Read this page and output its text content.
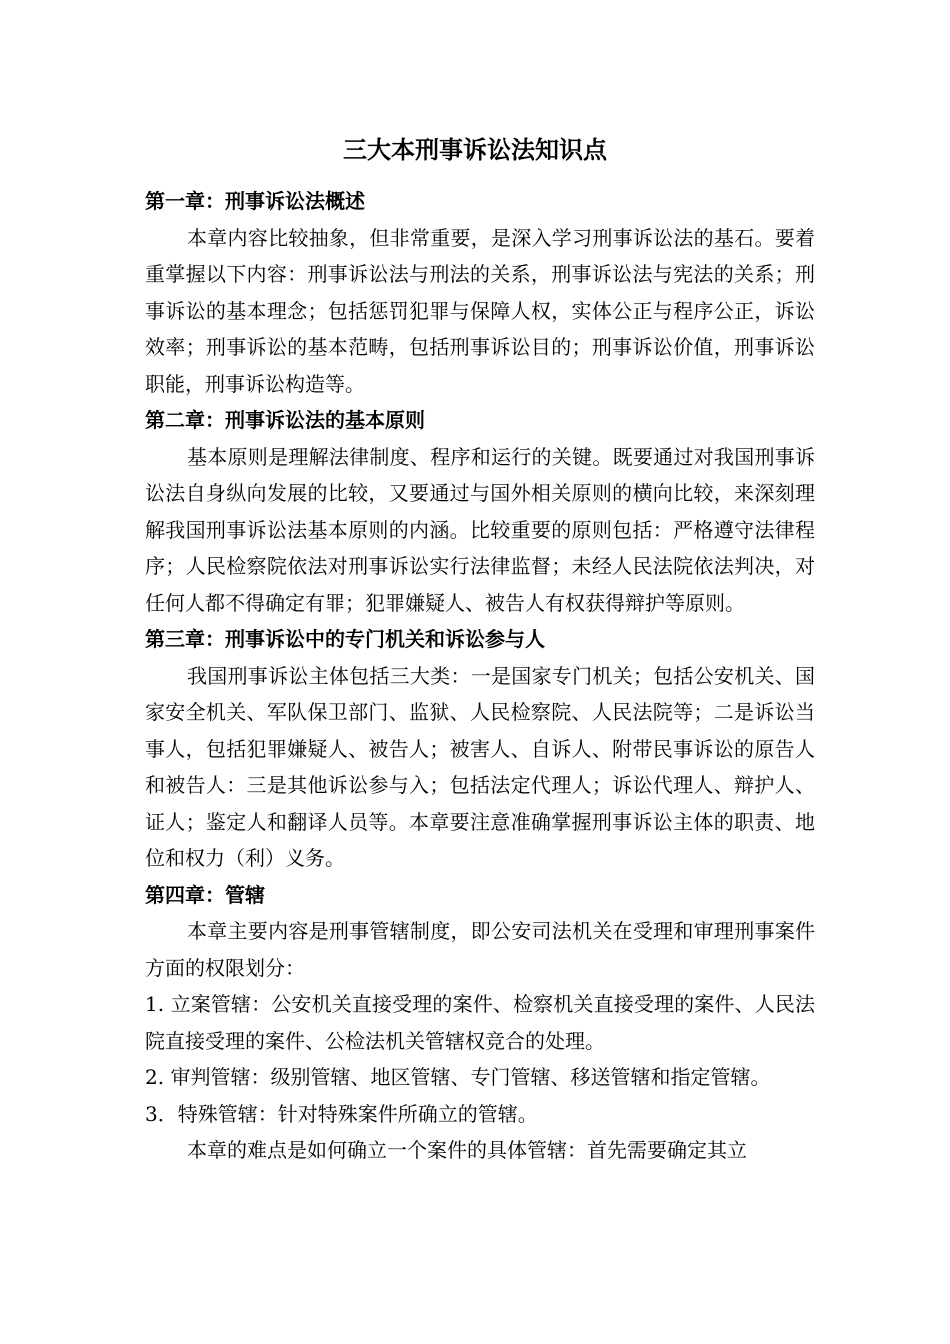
三大本刑事诉讼法知识点

第一章：刑事诉讼法概述

本章内容比较抽象，但非常重要，是深入学习刑事诉讼法的基石。要着重掌握以下内容：刑事诉讼法与刑法的关系，刑事诉讼法与宪法的关系；刑事诉讼的基本理念；包括惩罚犯罪与保障人权，实体公正与程序公正，诉讼效率；刑事诉讼的基本范畴，包括刑事诉讼目的；刑事诉讼价值，刑事诉讼职能，刑事诉讼构造等。

第二章：刑事诉讼法的基本原则

基本原则是理解法律制度、程序和运行的关键。既要通过对我国刑事诉讼法自身纵向发展的比较，又要通过与国外相关原则的横向比较，来深刻理解我国刑事诉讼法基本原则的内涵。比较重要的原则包括：严格遵守法律程序；人民检察院依法对刑事诉讼实行法律监督；未经人民法院依法判决，对任何人都不得确定有罪；犯罪嫌疑人、被告人有权获得辩护等原则。

第三章：刑事诉讼中的专门机关和诉讼参与人

我国刑事诉讼主体包括三大类：一是国家专门机关；包括公安机关、国家安全机关、军队保卫部门、监狱、人民检察院、人民法院等；二是诉讼当事人，包括犯罪嫌疑人、被告人；被害人、自诉人、附带民事诉讼的原告人和被告人：三是其他诉讼参与入；包括法定代理人；诉讼代理人、辩护人、证人；鉴定人和翻译人员等。本章要注意准确掌握刑事诉讼主体的职责、地位和权力（利）义务。

第四章：管辖

本章主要内容是刑事管辖制度，即公安司法机关在受理和审理刑事案件方面的权限划分：

1. 立案管辖：公安机关直接受理的案件、检察机关直接受理的案件、人民法院直接受理的案件、公检法机关管辖权竞合的处理。

2. 审判管辖：级别管辖、地区管辖、专门管辖、移送管辖和指定管辖。

3．特殊管辖：针对特殊案件所确立的管辖。

本章的难点是如何确立一个案件的具体管辖：首先需要确定其立
